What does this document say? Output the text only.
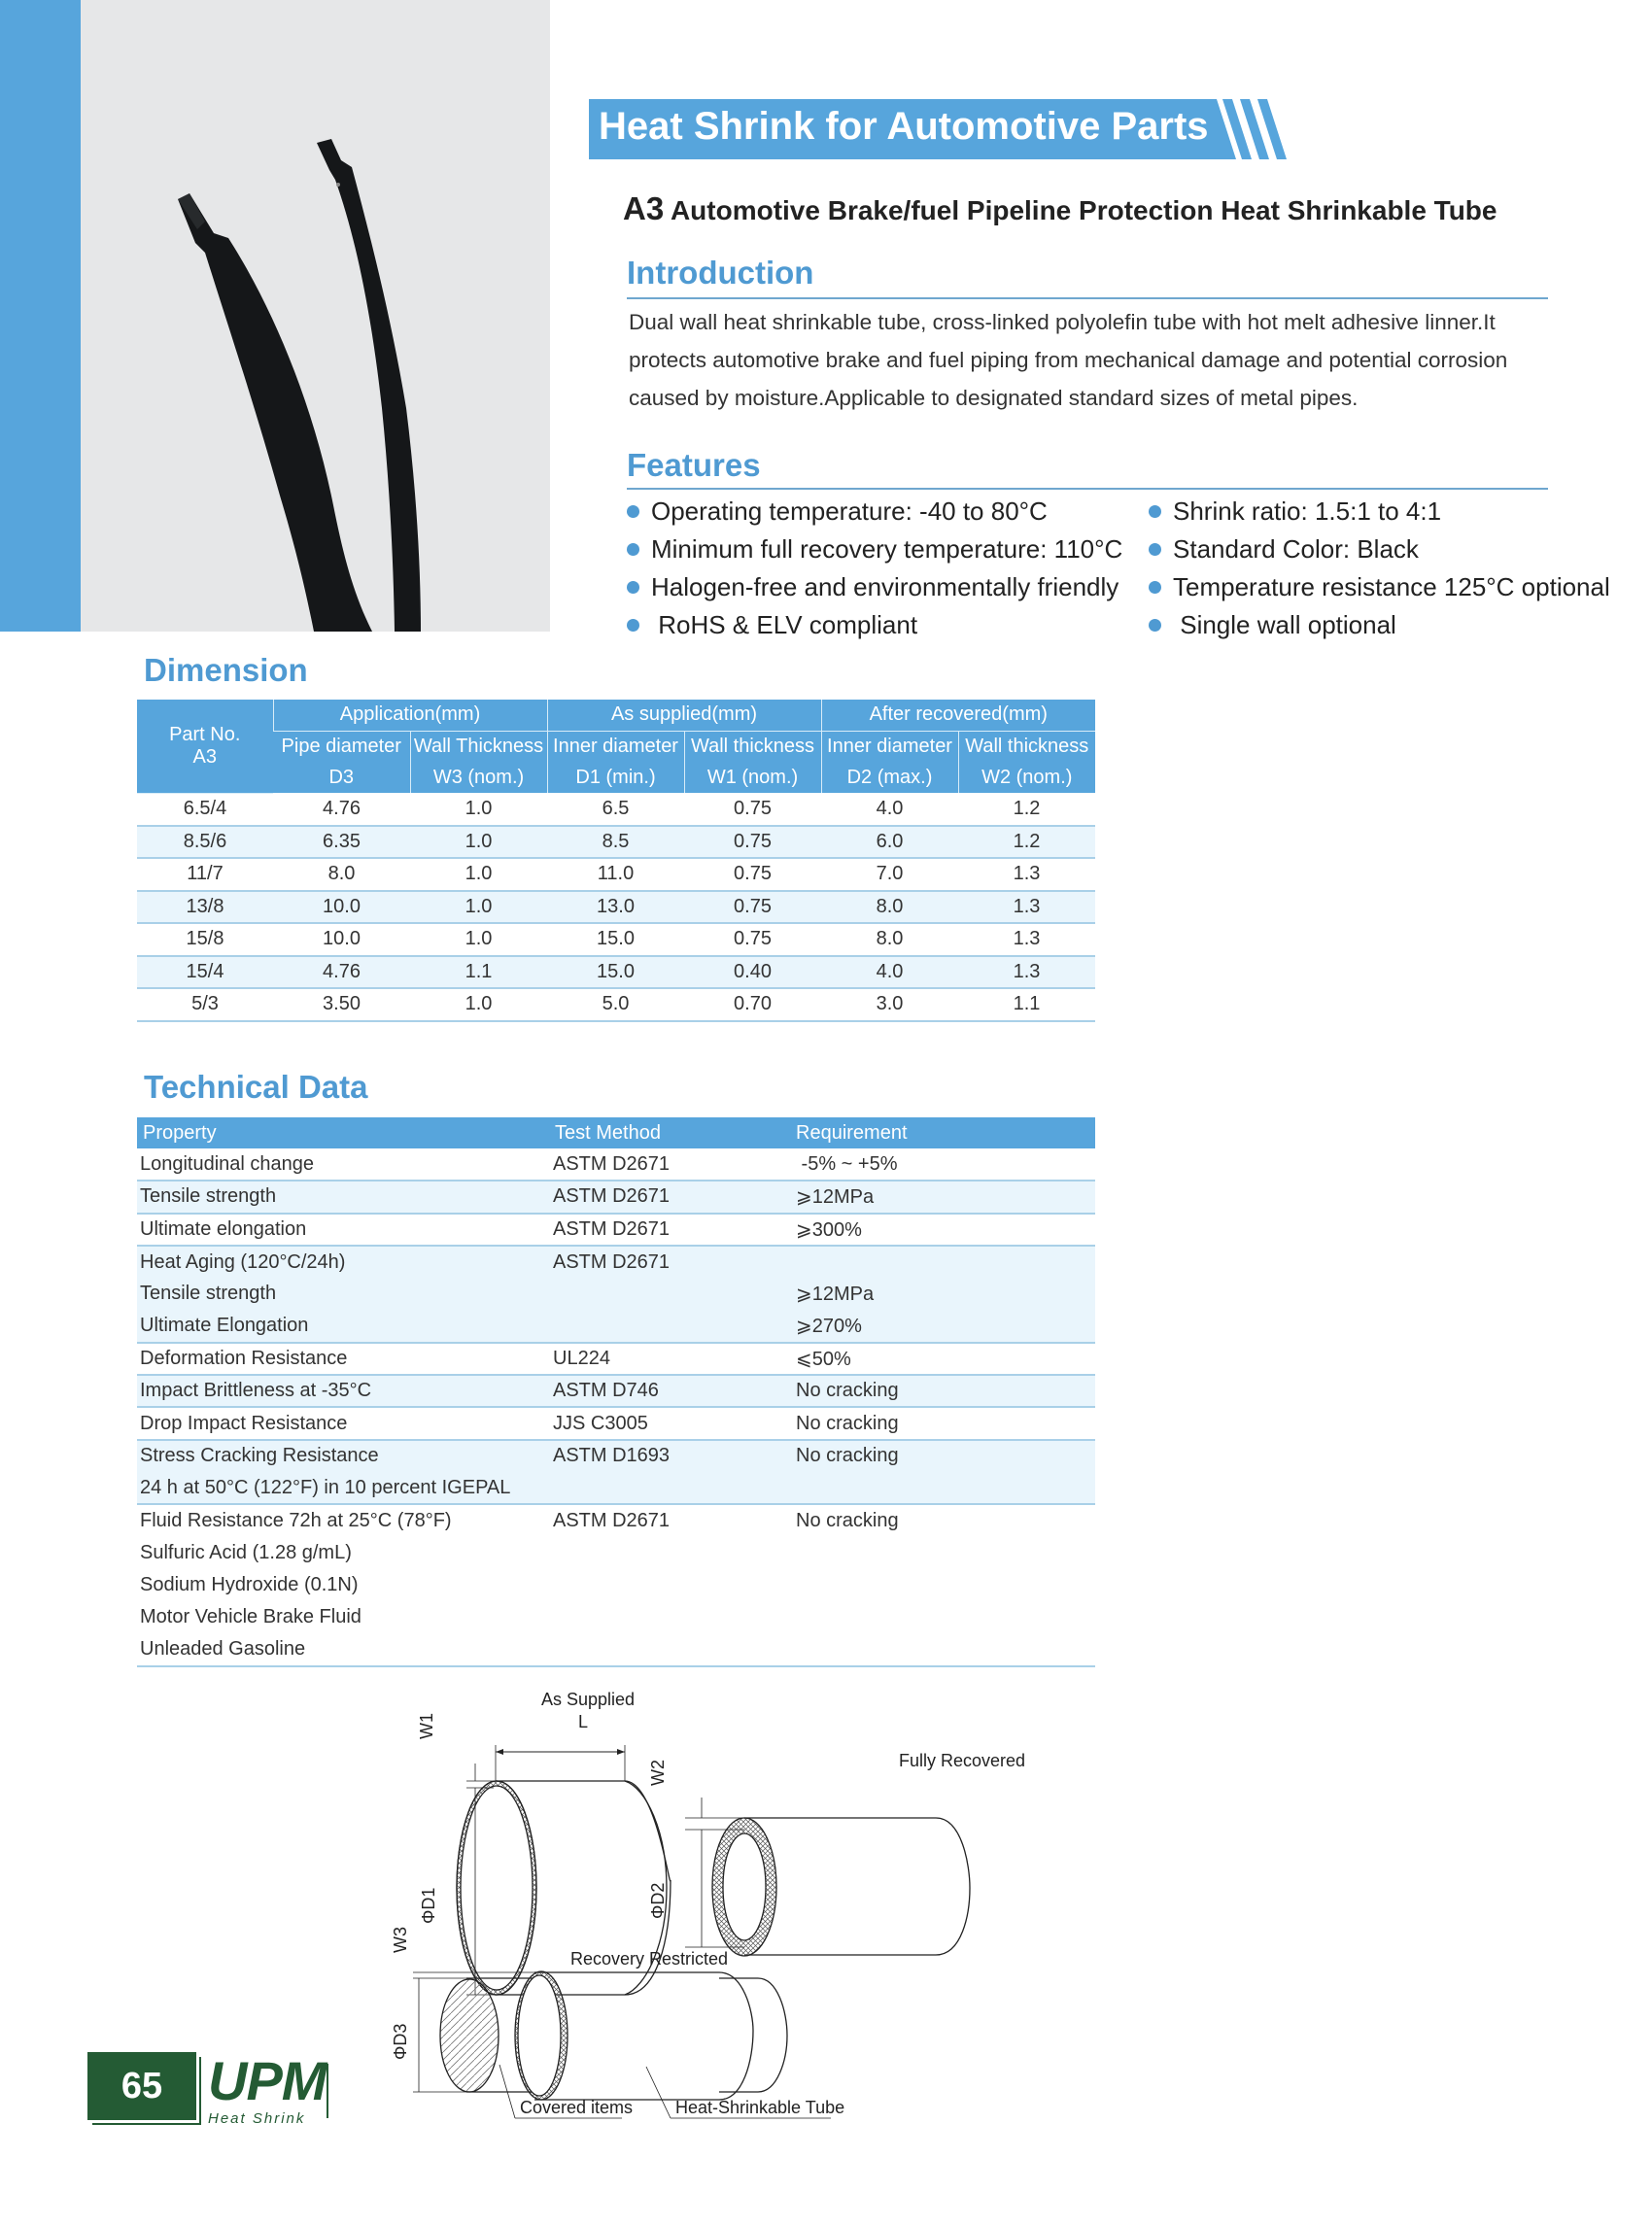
Heat Shrink for Automotive Parts
A3 Automotive Brake/fuel Pipeline Protection Heat Shrinkable Tube
Introduction
Dual wall heat shrinkable tube, cross-linked polyolefin tube with hot melt adhesive linner.It
protects automotive brake and fuel piping from mechanical damage and potential corrosion
caused by moisture.Applicable to designated standard sizes of metal pipes.
Features
Operating temperature: -40 to 80°C
Minimum full recovery temperature: 110°C
Halogen-free and environmentally friendly
RoHS & ELV compliant
Shrink ratio: 1.5:1 to 4:1
Standard Color: Black
Temperature resistance 125°C optional
Single wall optional
Dimension
Part No.
A3	Application(mm)		As supplied(mm)		After recovered(mm)	
	Pipe diameter	Wall Thickness	Inner diameter	Wall thickness	Inner diameter	Wall thickness
	D3	W3 (nom.)	D1 (min.)	W1 (nom.)	D2 (max.)	W2 (nom.)
6.5/4	4.76	1.0	6.5	0.75	4.0	1.2
8.5/6	6.35	1.0	8.5	0.75	6.0	1.2
11/7	8.0	1.0	11.0	0.75	7.0	1.3
13/8	10.0	1.0	13.0	0.75	8.0	1.3
15/8	10.0	1.0	15.0	0.75	8.0	1.3
15/4	4.76	1.1	15.0	0.40	4.0	1.3
5/3	3.50	1.0	5.0	0.70	3.0	1.1
Technical Data
Property	Test Method	Requirement
Longitudinal change	ASTM D2671	-5% ~ +5%
Tensile strength	ASTM D2671	⩾12MPa
Ultimate elongation	ASTM D2671	⩾300%
Heat Aging (120°C/24h)	ASTM D2671	
Tensile strength		⩾12MPa
Ultimate Elongation		⩾270%
Deformation Resistance	UL224	⩽50%
Impact Brittleness at -35°C	ASTM D746	No cracking
Drop Impact Resistance	JJS C3005	No cracking
Stress Cracking Resistance	ASTM D1693	No cracking
24 h at 50°C (122°F) in 10 percent IGEPAL		
Fluid Resistance 72h at 25°C (78°F)	ASTM D2671	No cracking
Sulfuric Acid (1.28 g/mL)		
Sodium Hydroxide (0.1N)		
Motor Vehicle Brake Fluid		
Unleaded Gasoline		
As Supplied
L
W1
ΦD1
Fully Recovered
W2
ΦD2
Recovery Restricted
W3
ΦD3
Covered items Heat-Shrinkable Tube
65 UPM
Heat Shrink
